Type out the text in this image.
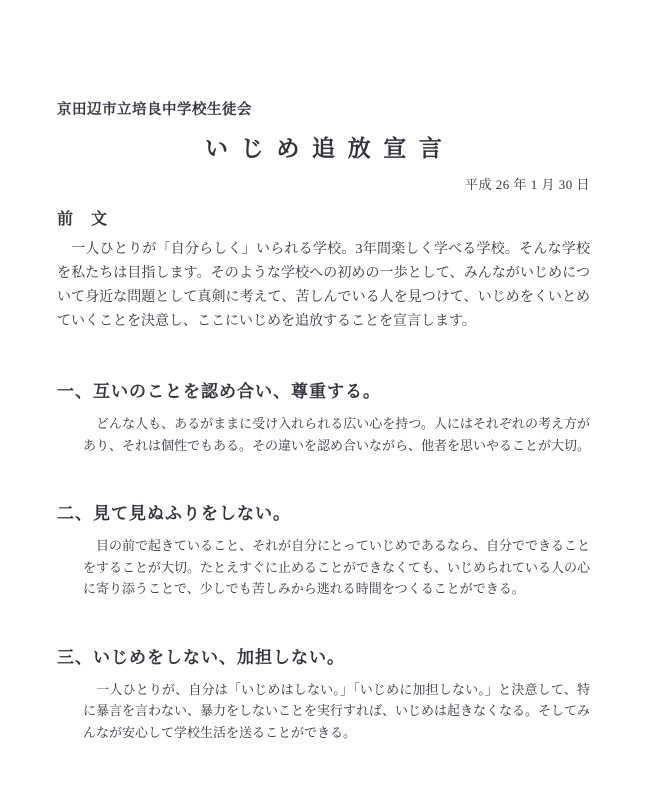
京田辺市立培良中学校生徒会
いじめ追放宣言
平成 26 年 1 月 30 日
前　文
　一人ひとりが「自分らしく」いられる学校。3年間楽しく学べる学校。そんな学校を私たちは目指します。そのような学校への初めの一歩として、みんながいじめについて身近な問題として真剣に考えて、苦しんでいる人を見つけて、いじめをくいとめていくことを決意し、ここにいじめを追放することを宣言します。
一、互いのことを認め合い、尊重する。
　どんな人も、あるがままに受け入れられる広い心を持つ。人にはそれぞれの考え方があり、それは個性でもある。その違いを認め合いながら、他者を思いやることが大切。
二、見て見ぬふりをしない。
　目の前で起きていること、それが自分にとっていじめであるなら、自分でできることをすることが大切。たとえすぐに止めることができなくても、いじめられている人の心に寄り添うことで、少しでも苦しみから逃れる時間をつくることができる。
三、いじめをしない、加担しない。
　一人ひとりが、自分は「いじめはしない。」「いじめに加担しない。」と決意して、特に暴言を言わない、暴力をしないことを実行すれば、いじめは起きなくなる。そしてみんなが安心して学校生活を送ることができる。
